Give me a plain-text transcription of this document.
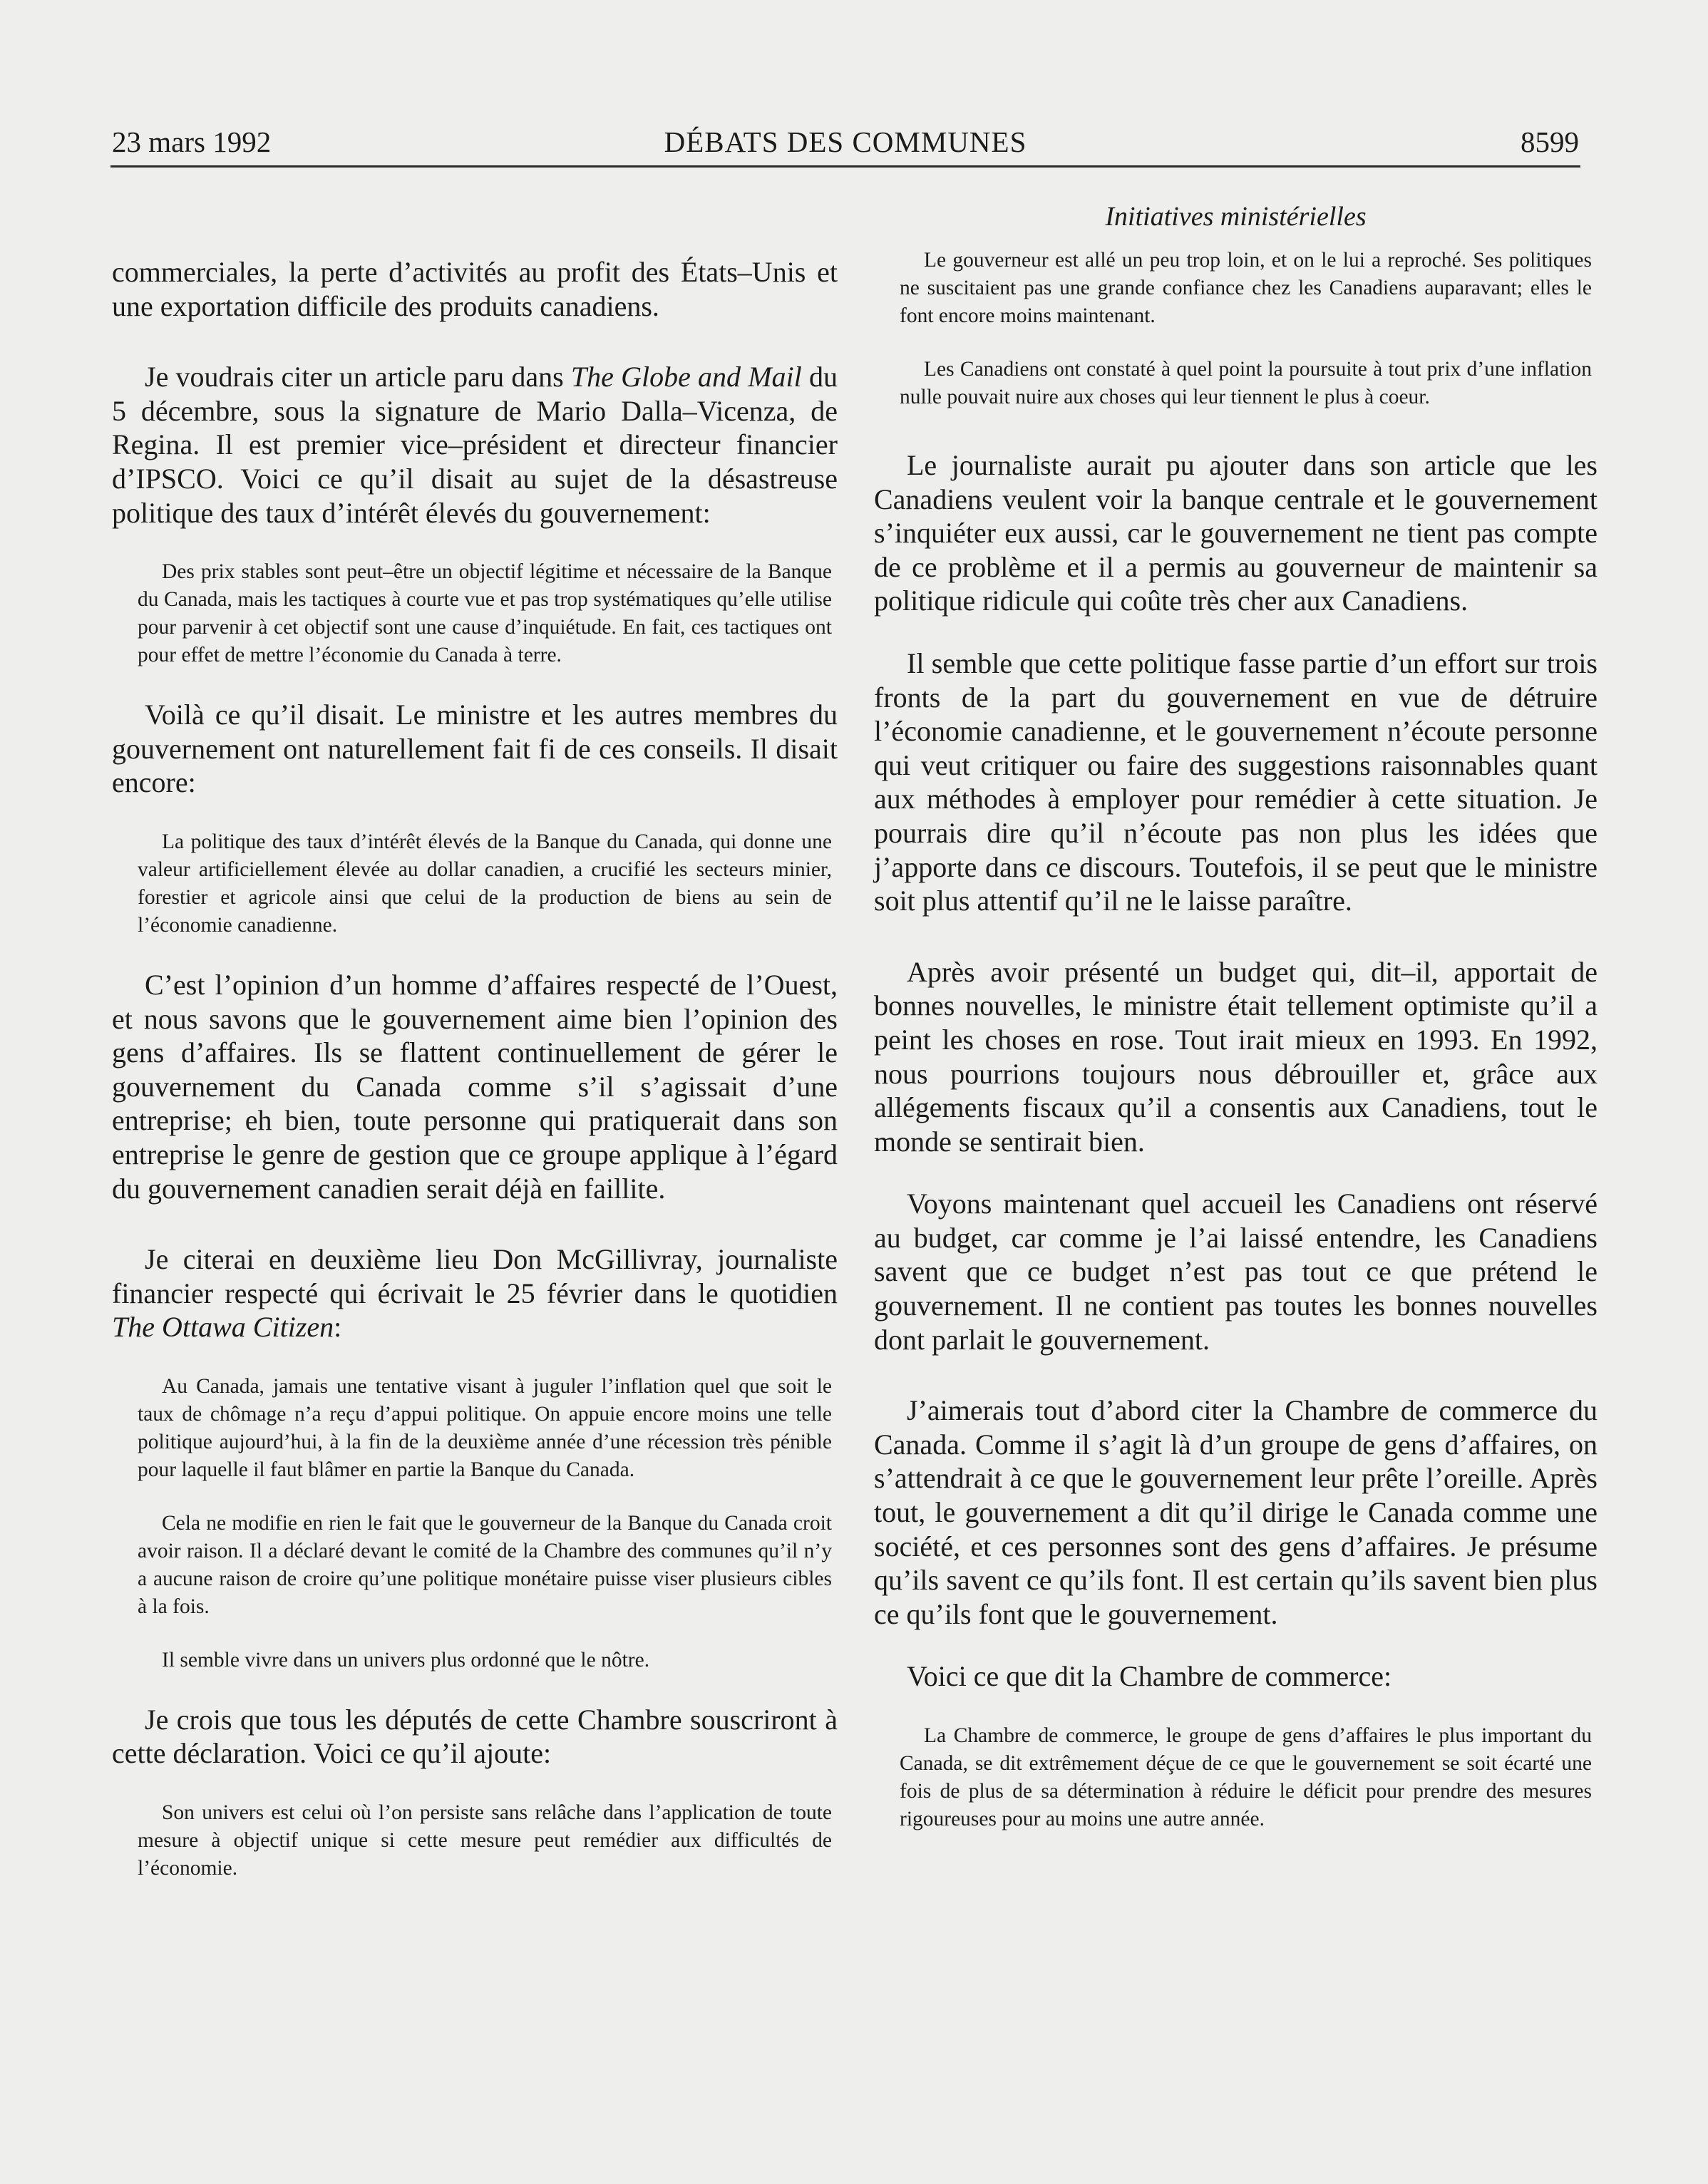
23 mars 1992	DÉBATS DES COMMUNES	8599

commerciales, la perte d’activités au profit des États–Unis et une exportation difficile des produits canadiens.

Je voudrais citer un article paru dans The Globe and Mail du 5 décembre, sous la signature de Mario Dalla–Vicenza, de Regina. Il est premier vice–président et directeur financier d’IPSCO. Voici ce qu’il disait au sujet de la désastreuse politique des taux d’intérêt élevés du gouvernement:

Des prix stables sont peut–être un objectif légitime et nécessaire de la Banque du Canada, mais les tactiques à courte vue et pas trop systématiques qu’elle utilise pour parvenir à cet objectif sont une cause d’inquiétude. En fait, ces tactiques ont pour effet de mettre l’économie du Canada à terre.

Voilà ce qu’il disait. Le ministre et les autres membres du gouvernement ont naturellement fait fi de ces conseils. Il disait encore:

La politique des taux d’intérêt élevés de la Banque du Canada, qui donne une valeur artificiellement élevée au dollar canadien, a crucifié les secteurs minier, forestier et agricole ainsi que celui de la production de biens au sein de l’économie canadienne.

C’est l’opinion d’un homme d’affaires respecté de l’Ouest, et nous savons que le gouvernement aime bien l’opinion des gens d’affaires. Ils se flattent continuellement de gérer le gouvernement du Canada comme s’il s’agissait d’une entreprise; eh bien, toute personne qui pratiquerait dans son entreprise le genre de gestion que ce groupe applique à l’égard du gouvernement canadien serait déjà en faillite.

Je citerai en deuxième lieu Don McGillivray, journaliste financier respecté qui écrivait le 25 février dans le quotidien The Ottawa Citizen:

Au Canada, jamais une tentative visant à juguler l’inflation quel que soit le taux de chômage n’a reçu d’appui politique. On appuie encore moins une telle politique aujourd’hui, à la fin de la deuxième année d’une récession très pénible pour laquelle il faut blâmer en partie la Banque du Canada.

Cela ne modifie en rien le fait que le gouverneur de la Banque du Canada croit avoir raison. Il a déclaré devant le comité de la Chambre des communes qu’il n’y a aucune raison de croire qu’une politique monétaire puisse viser plusieurs cibles à la fois.

Il semble vivre dans un univers plus ordonné que le nôtre.

Je crois que tous les députés de cette Chambre souscriront à cette déclaration. Voici ce qu’il ajoute:

Son univers est celui où l’on persiste sans relâche dans l’application de toute mesure à objectif unique si cette mesure peut remédier aux difficultés de l’économie.

Initiatives ministérielles

Le gouverneur est allé un peu trop loin, et on le lui a reproché. Ses politiques ne suscitaient pas une grande confiance chez les Canadiens auparavant; elles le font encore moins maintenant.

Les Canadiens ont constaté à quel point la poursuite à tout prix d’une inflation nulle pouvait nuire aux choses qui leur tiennent le plus à coeur.

Le journaliste aurait pu ajouter dans son article que les Canadiens veulent voir la banque centrale et le gouvernement s’inquiéter eux aussi, car le gouvernement ne tient pas compte de ce problème et il a permis au gouverneur de maintenir sa politique ridicule qui coûte très cher aux Canadiens.

Il semble que cette politique fasse partie d’un effort sur trois fronts de la part du gouvernement en vue de détruire l’économie canadienne, et le gouvernement n’écoute personne qui veut critiquer ou faire des suggestions raisonnables quant aux méthodes à employer pour remédier à cette situation. Je pourrais dire qu’il n’écoute pas non plus les idées que j’apporte dans ce discours. Toutefois, il se peut que le ministre soit plus attentif qu’il ne le laisse paraître.

Après avoir présenté un budget qui, dit–il, apportait de bonnes nouvelles, le ministre était tellement optimiste qu’il a peint les choses en rose. Tout irait mieux en 1993. En 1992, nous pourrions toujours nous débrouiller et, grâce aux allégements fiscaux qu’il a consentis aux Canadiens, tout le monde se sentirait bien.

Voyons maintenant quel accueil les Canadiens ont réservé au budget, car comme je l’ai laissé entendre, les Canadiens savent que ce budget n’est pas tout ce que prétend le gouvernement. Il ne contient pas toutes les bonnes nouvelles dont parlait le gouvernement.

J’aimerais tout d’abord citer la Chambre de commerce du Canada. Comme il s’agit là d’un groupe de gens d’affaires, on s’attendrait à ce que le gouvernement leur prête l’oreille. Après tout, le gouvernement a dit qu’il dirige le Canada comme une société, et ces personnes sont des gens d’affaires. Je présume qu’ils savent ce qu’ils font. Il est certain qu’ils savent bien plus ce qu’ils font que le gouvernement.

Voici ce que dit la Chambre de commerce:

La Chambre de commerce, le groupe de gens d’affaires le plus important du Canada, se dit extrêmement déçue de ce que le gouvernement se soit écarté une fois de plus de sa détermination à réduire le déficit pour prendre des mesures rigoureuses pour au moins une autre année.
